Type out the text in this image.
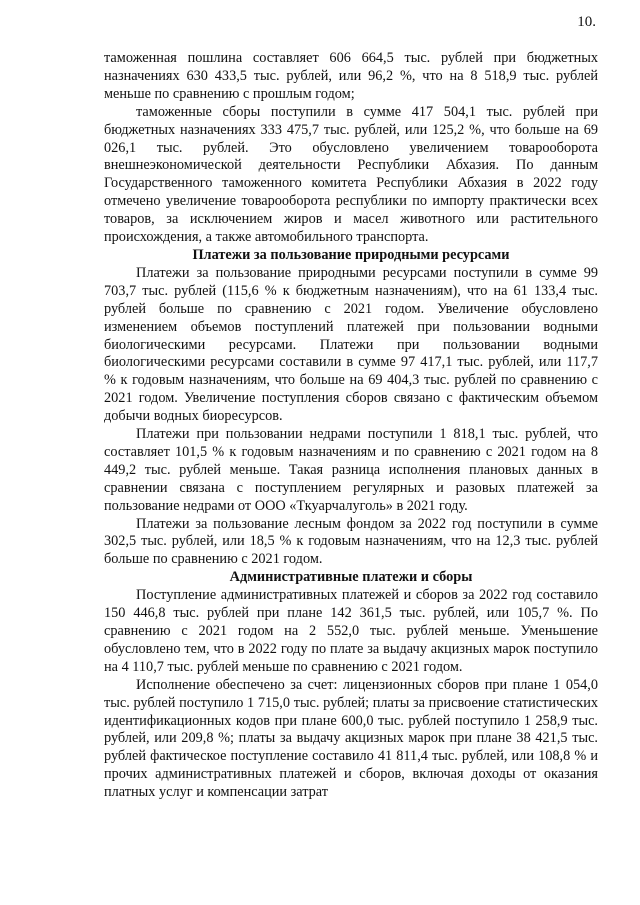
10.

таможенная пошлина составляет 606 664,5 тыс. рублей при бюджетных назначениях 630 433,5 тыс. рублей, или 96,2 %, что на 8 518,9 тыс. рублей меньше по сравнению с прошлым годом;

таможенные сборы поступили в сумме 417 504,1 тыс. рублей при бюджетных назначениях 333 475,7 тыс. рублей, или 125,2 %, что больше на 69 026,1 тыс. рублей. Это обусловлено увеличением товарооборота внешнеэкономической деятельности Республики Абхазия. По данным Государственного таможенного комитета Республики Абхазия в 2022 году отмечено увеличение товарооборота республики по импорту практически всех товаров, за исключением жиров и масел животного или растительного происхождения, а также автомобильного транспорта.

Платежи за пользование природными ресурсами

Платежи за пользование природными ресурсами поступили в сумме 99 703,7 тыс. рублей (115,6 % к бюджетным назначениям), что на 61 133,4 тыс. рублей больше по сравнению с 2021 годом. Увеличение обусловлено изменением объемов поступлений платежей при пользовании водными биологическими ресурсами. Платежи при пользовании водными биологическими ресурсами составили в сумме 97 417,1 тыс. рублей, или 117,7 % к годовым назначениям, что больше на 69 404,3 тыс. рублей по сравнению с 2021 годом. Увеличение поступления сборов связано с фактическим объемом добычи водных биоресурсов.

Платежи при пользовании недрами поступили 1 818,1 тыс. рублей, что составляет 101,5 % к годовым назначениям и по сравнению с 2021 годом на 8 449,2 тыс. рублей меньше. Такая разница исполнения плановых данных в сравнении связана с поступлением регулярных и разовых платежей за пользование недрами от ООО «Ткуарчалуголь» в 2021 году.

Платежи за пользование лесным фондом за 2022 год поступили в сумме 302,5 тыс. рублей, или 18,5 % к годовым назначениям, что на 12,3 тыс. рублей больше по сравнению с 2021 годом.

Административные платежи и сборы

Поступление административных платежей и сборов за 2022 год составило 150 446,8 тыс. рублей при плане 142 361,5 тыс. рублей, или 105,7 %. По сравнению с 2021 годом на 2 552,0 тыс. рублей меньше. Уменьшение обусловлено тем, что в 2022 году по плате за выдачу акцизных марок поступило на 4 110,7 тыс. рублей меньше по сравнению с 2021 годом.

Исполнение обеспечено за счет: лицензионных сборов при плане 1 054,0 тыс. рублей поступило 1 715,0 тыс. рублей; платы за присвоение статистических идентификационных кодов при плане 600,0 тыс. рублей поступило 1 258,9 тыс. рублей, или 209,8 %; платы за выдачу акцизных марок при плане 38 421,5 тыс. рублей фактическое поступление составило 41 811,4 тыс. рублей, или 108,8 % и прочих административных платежей и сборов, включая доходы от оказания платных услуг и компенсации затрат
